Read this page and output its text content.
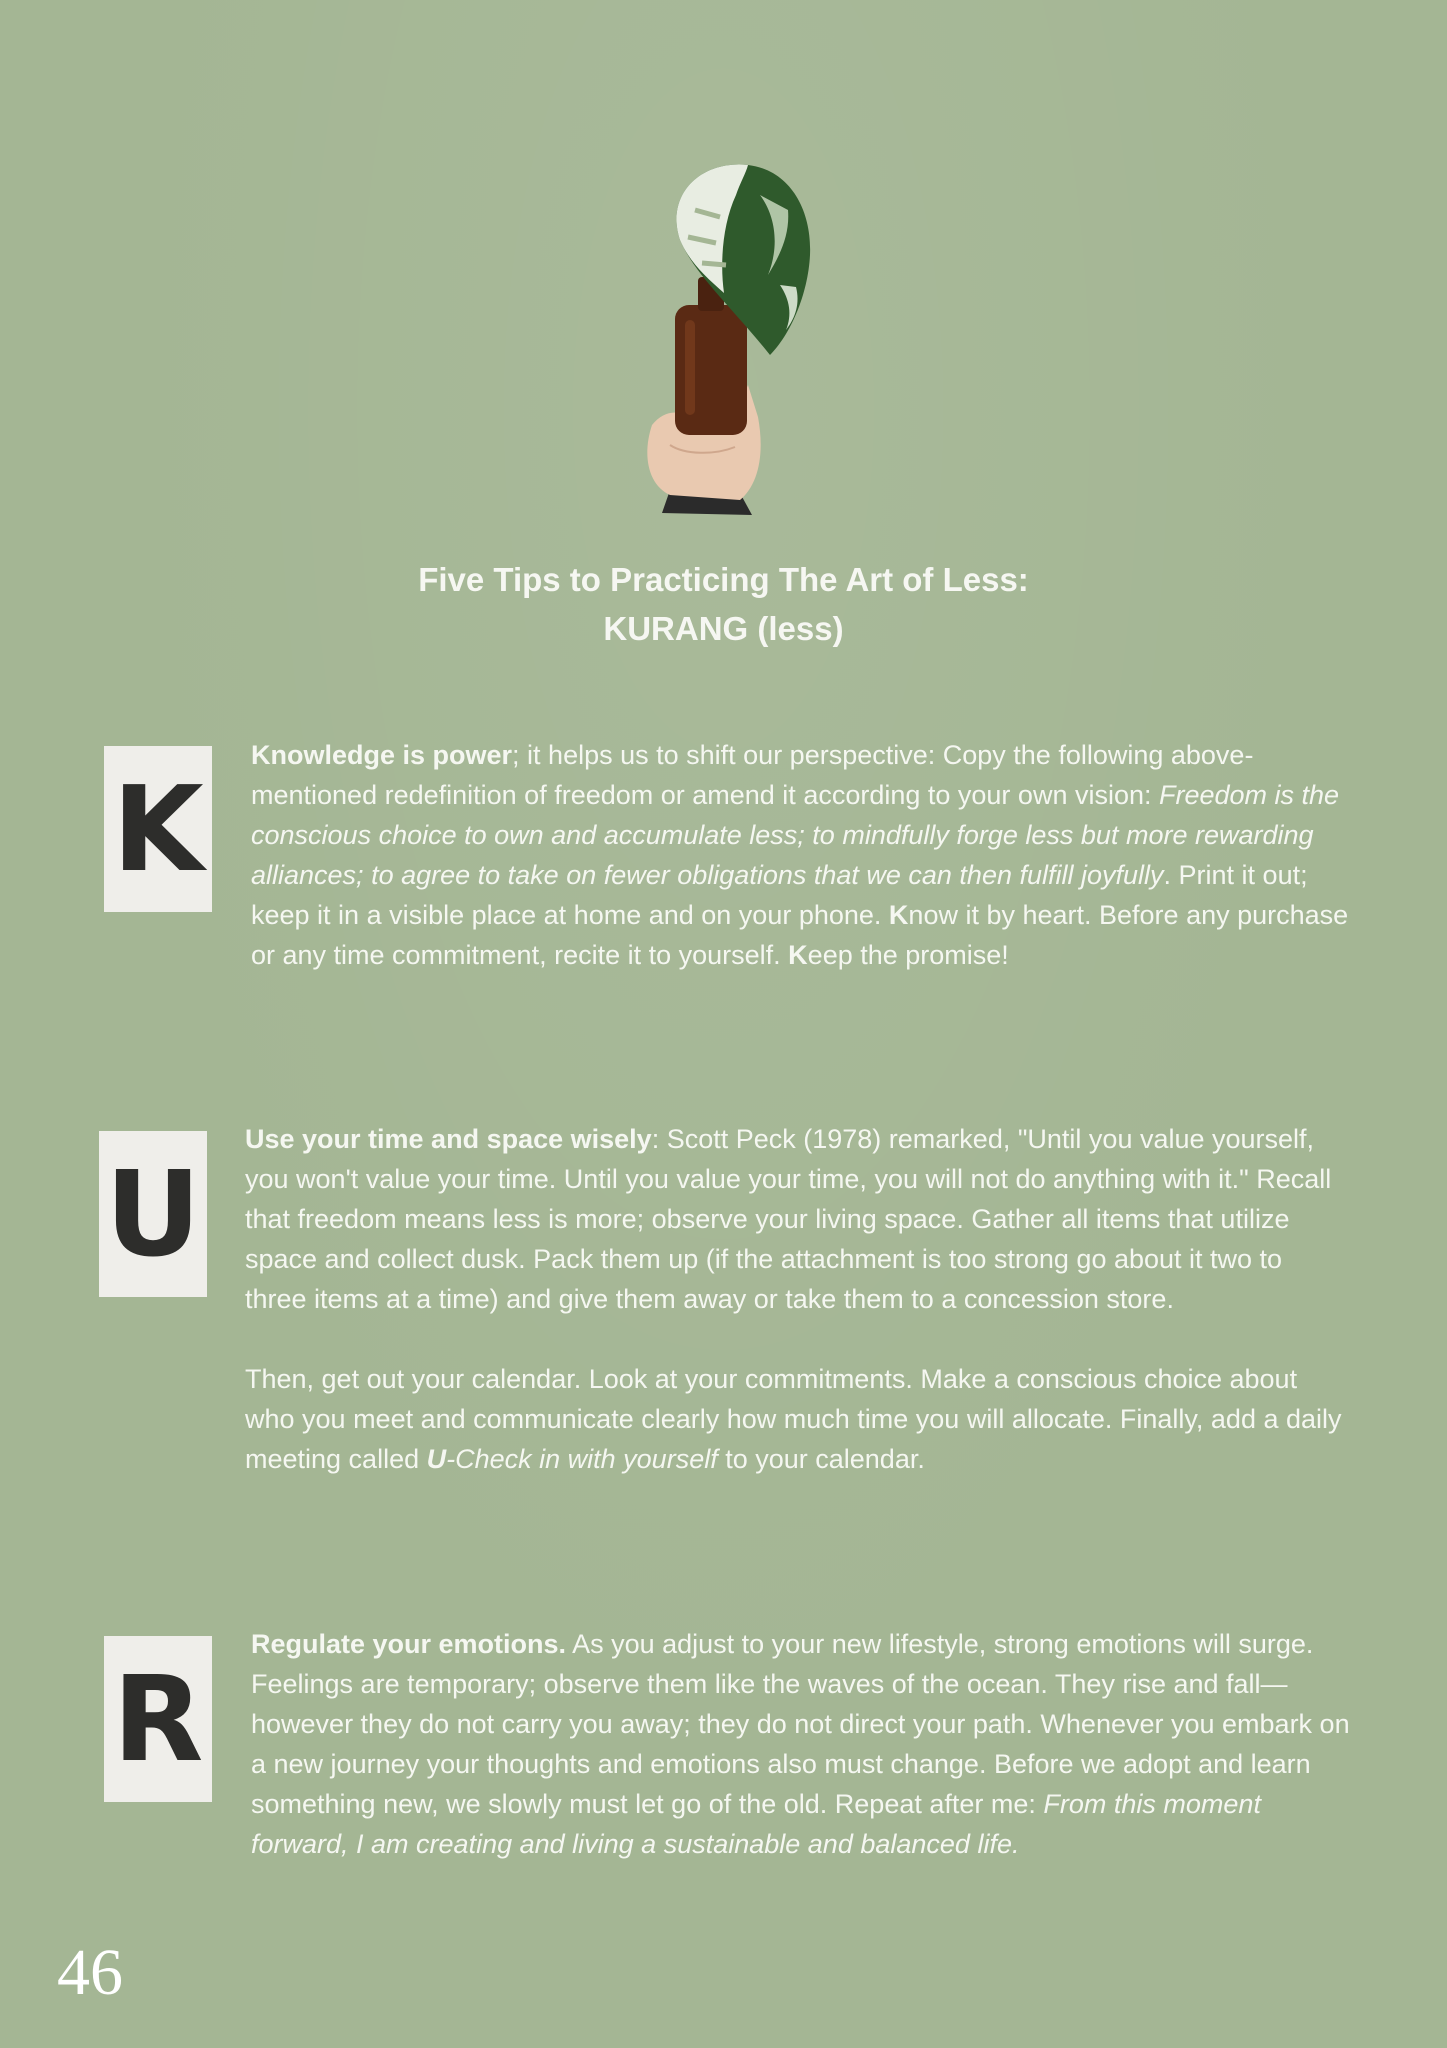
Five Tips to Practicing The Art of Less:
KURANG (less)
K

Knowledge is power; it helps us to shift our perspective: Copy the following above-mentioned redefinition of freedom or amend it according to your own vision: Freedom is the conscious choice to own and accumulate less; to mindfully forge less but more rewarding alliances; to agree to take on fewer obligations that we can then fulfill joyfully. Print it out; keep it in a visible place at home and on your phone. Know it by heart. Before any purchase or any time commitment, recite it to yourself. Keep the promise!

U

Use your time and space wisely: Scott Peck (1978) remarked, "Until you value yourself, you won't value your time. Until you value your time, you will not do anything with it." Recall that freedom means less is more; observe your living space. Gather all items that utilize space and collect dusk. Pack them up (if the attachment is too strong go about it two to three items at a time) and give them away or take them to a concession store.

Then, get out your calendar. Look at your commitments. Make a conscious choice about who you meet and communicate clearly how much time you will allocate. Finally, add a daily meeting called U-Check in with yourself to your calendar.

R

Regulate your emotions. As you adjust to your new lifestyle, strong emotions will surge. Feelings are temporary; observe them like the waves of the ocean. They rise and fall—however they do not carry you away; they do not direct your path. Whenever you embark on a new journey your thoughts and emotions also must change. Before we adopt and learn something new, we slowly must let go of the old. Repeat after me: From this moment forward, I am creating and living a sustainable and balanced life.

46
